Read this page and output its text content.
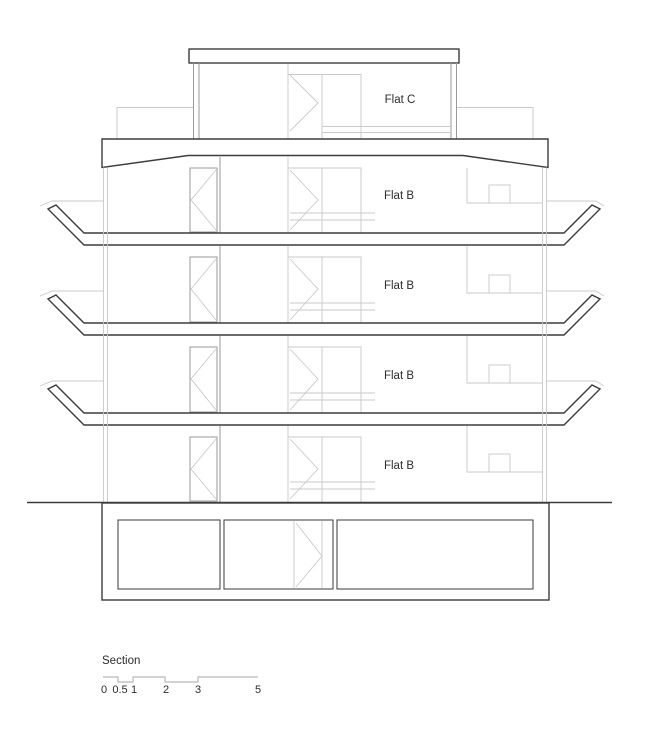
Flat C
Flat B
Flat B
Flat B
Flat B
Section
0 0.5 1	2	3	5
